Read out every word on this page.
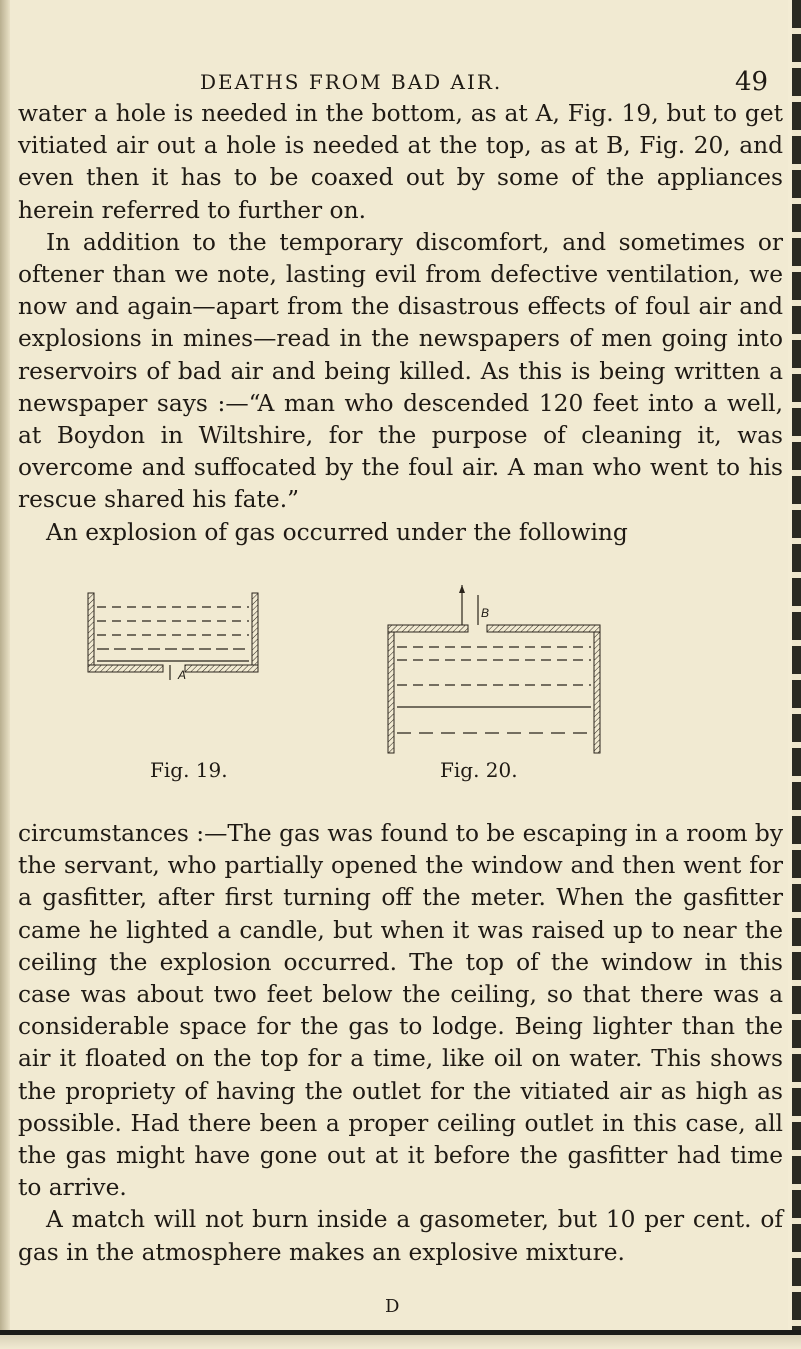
DEATHS FROM BAD AIR.	49

water a hole is needed in the bottom, as at A, Fig. 19, but to get vitiated air out a hole is needed at the top, as at B, Fig. 20, and even then it has to be coaxed out by some of the appliances herein referred to further on.

In addition to the temporary discomfort, and sometimes or oftener than we note, lasting evil from defective ventilation, we now and again—apart from the disastrous effects of foul air and explosions in mines—read in the newspapers of men going into reservoirs of bad air and being killed. As this is being written a newspaper says :—“A man who descended 120 feet into a well, at Boydon in Wiltshire, for the purpose of cleaning it, was overcome and suffocated by the foul air. A man who went to his rescue shared his fate.”

An explosion of gas occurred under the following

A
B
Fig. 19.	Fig. 20.

circumstances :—The gas was found to be escaping in a room by the servant, who partially opened the window and then went for a gasfitter, after first turning off the meter. When the gasfitter came he lighted a candle, but when it was raised up to near the ceiling the explosion occurred. The top of the window in this case was about two feet below the ceiling, so that there was a considerable space for the gas to lodge. Being lighter than the air it floated on the top for a time, like oil on water. This shows the propriety of having the outlet for the vitiated air as high as possible. Had there been a proper ceiling outlet in this case, all the gas might have gone out at it before the gasfitter had time to arrive.

A match will not burn inside a gasometer, but 10 per cent. of gas in the atmosphere makes an explosive mixture.

D
